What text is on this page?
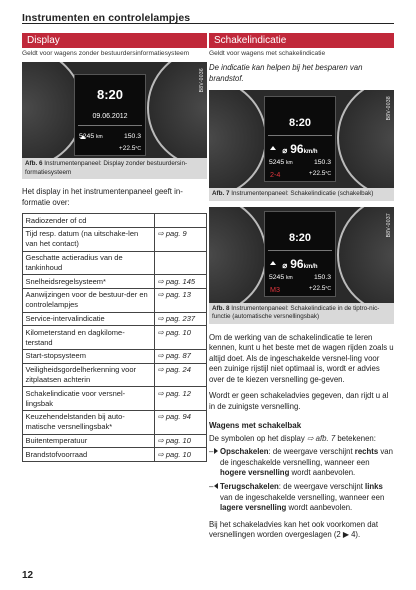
Instrumenten en controlelampjes
Display
Geldt voor wagens zonder bestuurdersinformatiesysteem
B8V-0036
8:20
09.06.2012
5245 km	150.3
+22.5°C
Afb. 6 Instrumentenpaneel: Display zonder bestuurdersin-formatiesysteem
Het display in het instrumentenpaneel geeft in-formatie over:
Radiozender of cd	
Tijd resp. datum (na uitschake-len van het contact)	⇨ pag. 9
Geschatte actieradius van de tankinhoud	
Snelheidsregelsysteem*	⇨ pag. 145
Aanwijzingen voor de bestuur-der en controlelampjes	⇨ pag. 13
Service-intervalindicatie	⇨ pag. 237
Kilometerstand en dagkilome-terstand	⇨ pag. 10
Start-stopsysteem	⇨ pag. 87
Veiligheidsgordelherkenning voor zitplaatsen achterin	⇨ pag. 24
Schakelindicatie voor versnel-lingsbak	⇨ pag. 12
Keuzehendelstanden bij auto-matische versnellingsbak*	⇨ pag. 94
Buitentemperatuur	⇨ pag. 10
Brandstofvoorraad	⇨ pag. 10
Schakelindicatie
Geldt voor wagens met schakelindicatie
De indicatie kan helpen bij het besparen van brandstof.
B8V-0038
8:20
⌀ 96km/h
5245 km	150.3
2-4	+22.5°C
Afb. 7 Instrumentenpaneel: Schakelindicatie (schakelbak)
B8V-0037
8:20
⌀ 96km/h
5245 km	150.3
M3	+22.5°C
Afb. 8 Instrumentenpaneel: Schakelindicatie in de tiptro-nic-functie (automatische versnellingsbak)
Om de werking van de schakelindicatie te leren kennen, kunt u het beste met de wagen rijden zoals u altijd doet. Als de ingeschakelde versnel-ling voor een zuinige rijstijl niet optimaal is, wordt er advies over de te kiezen versnelling ge-geven.
Wordt er geen schakeladvies gegeven, dan rijdt u al in de zuinigste versnelling.
Wagens met schakelbak
De symbolen op het display ⇨ afb. 7 betekenen:
– Opschakelen: de weergave verschijnt rechts van de ingeschakelde versnelling, wanneer een hogere versnelling wordt aanbevolen.
– Terugschakelen: de weergave verschijnt links van de ingeschakelde versnelling, wanneer een lagere versnelling wordt aanbevolen.
Bij het schakeladvies kan het ook voorkomen dat versnellingen worden overgeslagen (2 ▶ 4).
12
